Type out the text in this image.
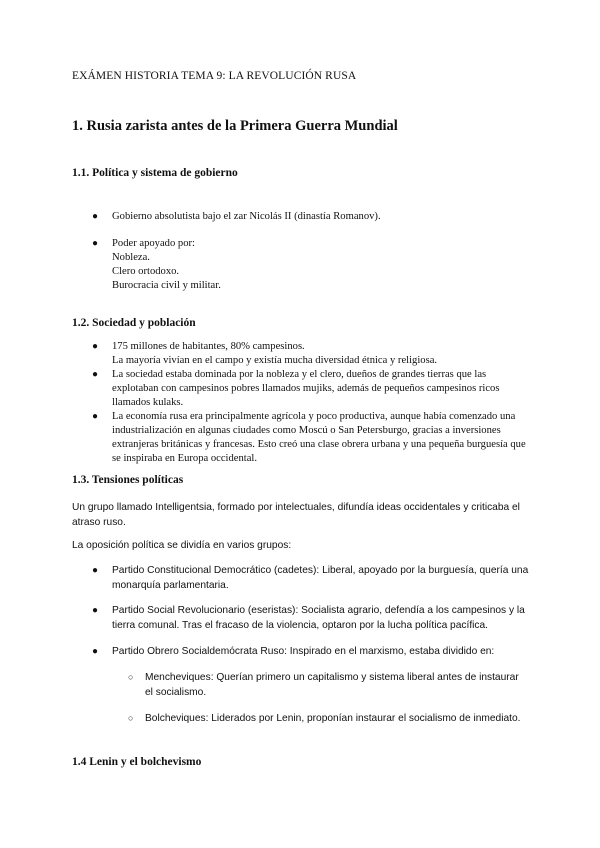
EXÁMEN HISTORIA TEMA 9: LA REVOLUCIÓN RUSA
1. Rusia zarista antes de la Primera Guerra Mundial
1.1. Política y sistema de gobierno
● Gobierno absolutista bajo el zar Nicolás II (dinastía Romanov).
● Poder apoyado por:
Nobleza.
Clero ortodoxo.
Burocracia civil y militar.
1.2. Sociedad y población
● 175 millones de habitantes, 80% campesinos.
La mayoría vivían en el campo y existía mucha diversidad étnica y religiosa.
● La sociedad estaba dominada por la nobleza y el clero, dueños de grandes tierras que las explotaban con campesinos pobres llamados mujiks, además de pequeños campesinos ricos llamados kulaks.
● La economía rusa era principalmente agrícola y poco productiva, aunque había comenzado una industrialización en algunas ciudades como Moscú o San Petersburgo, gracias a inversiones extranjeras británicas y francesas. Esto creó una clase obrera urbana y una pequeña burguesía que se inspiraba en Europa occidental.
1.3. Tensiones políticas
Un grupo llamado Intelligentsia, formado por intelectuales, difundía ideas occidentales y criticaba el atraso ruso.
La oposición política se dividía en varios grupos:
● Partido Constitucional Democrático (cadetes): Liberal, apoyado por la burguesía, quería una monarquía parlamentaria.
● Partido Social Revolucionario (eseristas): Socialista agrario, defendía a los campesinos y la tierra comunal. Tras el fracaso de la violencia, optaron por la lucha política pacífica.
● Partido Obrero Socialdemócrata Ruso: Inspirado en el marxismo, estaba dividido en:
○ Mencheviques: Querían primero un capitalismo y sistema liberal antes de instaurar el socialismo.
○ Bolcheviques: Liderados por Lenin, proponían instaurar el socialismo de inmediato.
1.4 Lenin y el bolchevismo
